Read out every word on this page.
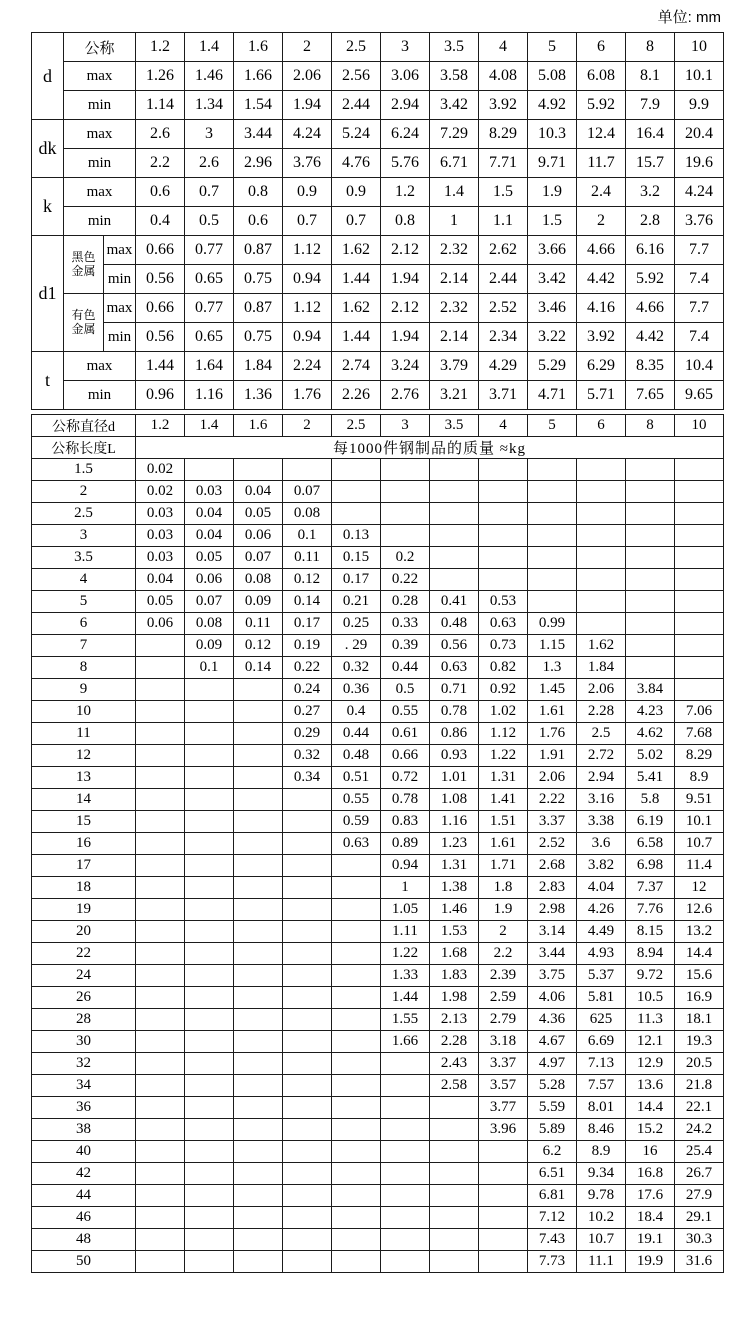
单位: mm
d	公称		1.2	1.4	1.6	2	2.5	3	3.5	4	5	6	8	10
	max		1.26	1.46	1.66	2.06	2.56	3.06	3.58	4.08	5.08	6.08	8.1	10.1
	min		1.14	1.34	1.54	1.94	2.44	2.94	3.42	3.92	4.92	5.92	7.9	9.9
dk	max		2.6	3	3.44	4.24	5.24	6.24	7.29	8.29	10.3	12.4	16.4	20.4
	min		2.2	2.6	2.96	3.76	4.76	5.76	6.71	7.71	9.71	11.7	15.7	19.6
k	max		0.6	0.7	0.8	0.9	0.9	1.2	1.4	1.5	1.9	2.4	3.2	4.24
	min		0.4	0.5	0.6	0.7	0.7	0.8	1	1.1	1.5	2	2.8	3.76
d1	黑色金属	max	0.66	0.77	0.87	1.12	1.62	2.12	2.32	2.62	3.66	4.66	6.16	7.7
		min	0.56	0.65	0.75	0.94	1.44	1.94	2.14	2.44	3.42	4.42	5.92	7.4
	有色金属	max	0.66	0.77	0.87	1.12	1.62	2.12	2.32	2.52	3.46	4.16	4.66	7.7
		min	0.56	0.65	0.75	0.94	1.44	1.94	2.14	2.34	3.22	3.92	4.42	7.4
t	max		1.44	1.64	1.84	2.24	2.74	3.24	3.79	4.29	5.29	6.29	8.35	10.4
	min		0.96	1.16	1.36	1.76	2.26	2.76	3.21	3.71	4.71	5.71	7.65	9.65
公称直径d	1.2	1.4	1.6	2	2.5	3	3.5	4	5	6	8	10
公称长度L	每1000件钢制品的质量 ≈kg											
1.5	0.02											
2	0.02	0.03	0.04	0.07								
2.5	0.03	0.04	0.05	0.08								
3	0.03	0.04	0.06	0.1	0.13							
3.5	0.03	0.05	0.07	0.11	0.15	0.2						
4	0.04	0.06	0.08	0.12	0.17	0.22						
5	0.05	0.07	0.09	0.14	0.21	0.28	0.41	0.53				
6	0.06	0.08	0.11	0.17	0.25	0.33	0.48	0.63	0.99			
7		0.09	0.12	0.19	. 29	0.39	0.56	0.73	1.15	1.62		
8		0.1	0.14	0.22	0.32	0.44	0.63	0.82	1.3	1.84		
9				0.24	0.36	0.5	0.71	0.92	1.45	2.06	3.84	
10				0.27	0.4	0.55	0.78	1.02	1.61	2.28	4.23	7.06
11				0.29	0.44	0.61	0.86	1.12	1.76	2.5	4.62	7.68
12				0.32	0.48	0.66	0.93	1.22	1.91	2.72	5.02	8.29
13				0.34	0.51	0.72	1.01	1.31	2.06	2.94	5.41	8.9
14					0.55	0.78	1.08	1.41	2.22	3.16	5.8	9.51
15					0.59	0.83	1.16	1.51	3.37	3.38	6.19	10.1
16					0.63	0.89	1.23	1.61	2.52	3.6	6.58	10.7
17						0.94	1.31	1.71	2.68	3.82	6.98	11.4
18						1	1.38	1.8	2.83	4.04	7.37	12
19						1.05	1.46	1.9	2.98	4.26	7.76	12.6
20						1.11	1.53	2	3.14	4.49	8.15	13.2
22						1.22	1.68	2.2	3.44	4.93	8.94	14.4
24						1.33	1.83	2.39	3.75	5.37	9.72	15.6
26						1.44	1.98	2.59	4.06	5.81	10.5	16.9
28						1.55	2.13	2.79	4.36	625	11.3	18.1
30						1.66	2.28	3.18	4.67	6.69	12.1	19.3
32							2.43	3.37	4.97	7.13	12.9	20.5
34							2.58	3.57	5.28	7.57	13.6	21.8
36								3.77	5.59	8.01	14.4	22.1
38								3.96	5.89	8.46	15.2	24.2
40									6.2	8.9	16	25.4
42									6.51	9.34	16.8	26.7
44									6.81	9.78	17.6	27.9
46									7.12	10.2	18.4	29.1
48									7.43	10.7	19.1	30.3
50									7.73	11.1	19.9	31.6
